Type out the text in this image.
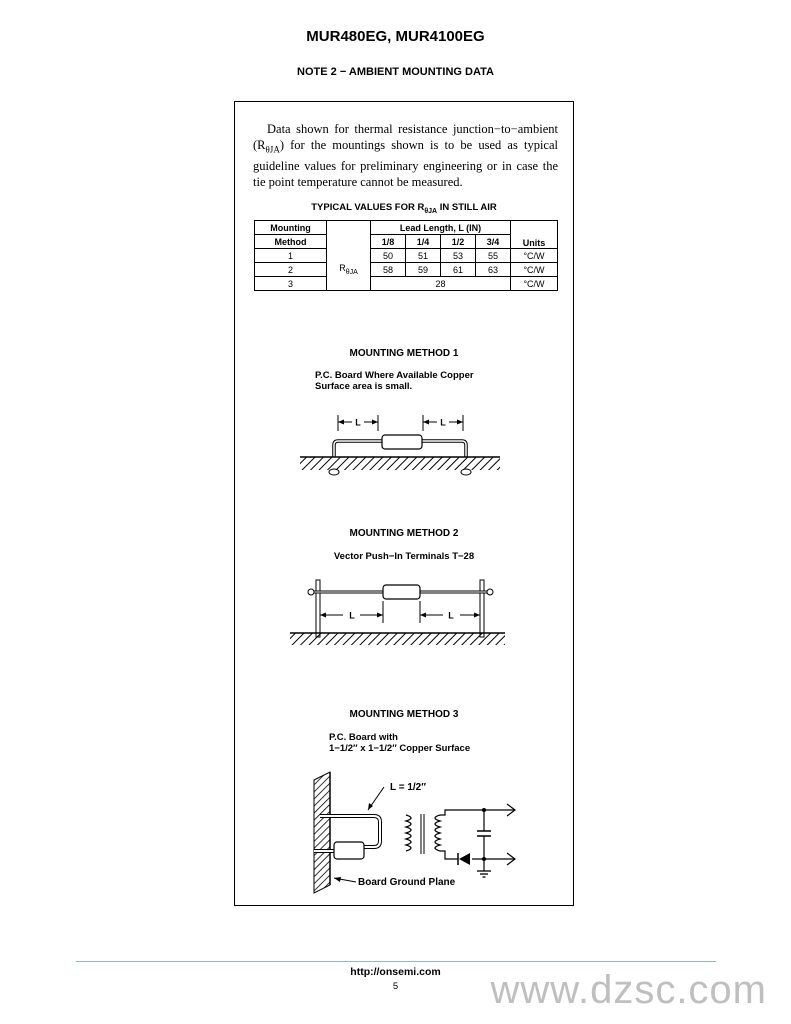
MUR480EG, MUR4100EG
NOTE 2 − AMBIENT MOUNTING DATA
Data shown for thermal resistance junction−to−ambient $(R_{\theta JA})$ for the mountings shown is to be used as typical guideline values for preliminary engineering or in case the tie point temperature cannot be measured.
TYPICAL VALUES FOR $R_{\theta JA}$ IN STILL AIR
Mounting		Lead Length, L (IN)				Units
Method		1/8	1/4	1/2	3/4	
1	$R_{\theta JA}$	50	51	53	55	°C/W
2		58	59	61	63	°C/W
3		28				°C/W
MOUNTING METHOD 1
P.C. Board Where Available Copper
Surface area is small.
L	L
MOUNTING METHOD 2
Vector Push−In Terminals T−28
L	L
MOUNTING METHOD 3
P.C. Board with
1−1/2″ x 1−1/2″ Copper Surface
L = 1/2″
Board Ground Plane
http://onsemi.com
5	www.dzsc.com
